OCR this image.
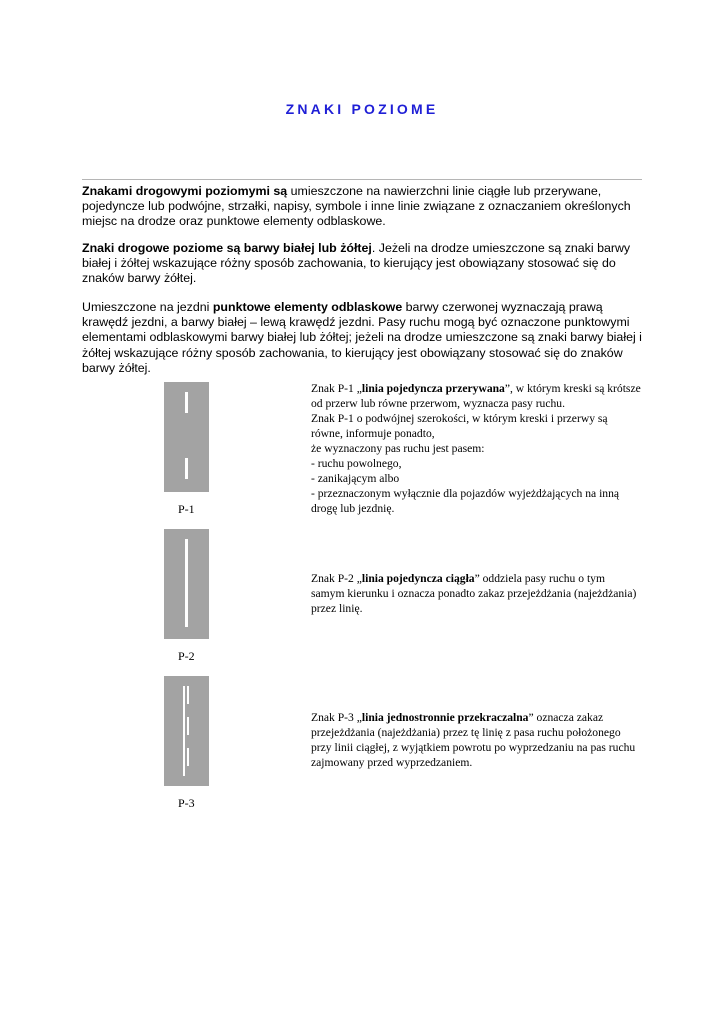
ZNAKI POZIOME

Znakami drogowymi poziomymi są umieszczone na nawierzchni linie ciągłe lub przerywane, pojedyncze lub podwójne, strzałki, napisy, symbole i inne linie związane z oznaczaniem określonych miejsc na drodze oraz punktowe elementy odblaskowe.

Znaki drogowe poziome są barwy białej lub żółtej. Jeżeli na drodze umieszczone są znaki barwy białej i żółtej wskazujące różny sposób zachowania, to kierujący jest obowiązany stosować się do znaków barwy żółtej.

Umieszczone na jezdni punktowe elementy odblaskowe barwy czerwonej wyznaczają prawą krawędź jezdni, a barwy białej – lewą krawędź jezdni. Pasy ruchu mogą być oznaczone punktowymi elementami odblaskowymi barwy białej lub żółtej; jeżeli na drodze umieszczone są znaki barwy białej i żółtej wskazujące różny sposób zachowania, to kierujący jest obowiązany stosować się do znaków barwy żółtej.

P-1

Znak P-1 „linia pojedyncza przerywana”, w którym kreski są krótsze od przerw lub równe przerwom, wyznacza pasy ruchu.
Znak P-1 o podwójnej szerokości, w którym kreski i przerwy są równe, informuje ponadto,
że wyznaczony pas ruchu jest pasem:
- ruchu powolnego,
- zanikającym albo
- przeznaczonym wyłącznie dla pojazdów wyjeżdżających na inną drogę lub jezdnię.

P-2

Znak P-2 „linia pojedyncza ciągła” oddziela pasy ruchu o tym samym kierunku i oznacza ponadto zakaz przejeżdżania (najeżdżania) przez linię.

P-3

Znak P-3 „linia jednostronnie przekraczalna” oznacza zakaz przejeżdżania (najeżdżania) przez tę linię z pasa ruchu położonego przy linii ciągłej, z wyjątkiem powrotu po wyprzedzaniu na pas ruchu zajmowany przed wyprzedzaniem.
